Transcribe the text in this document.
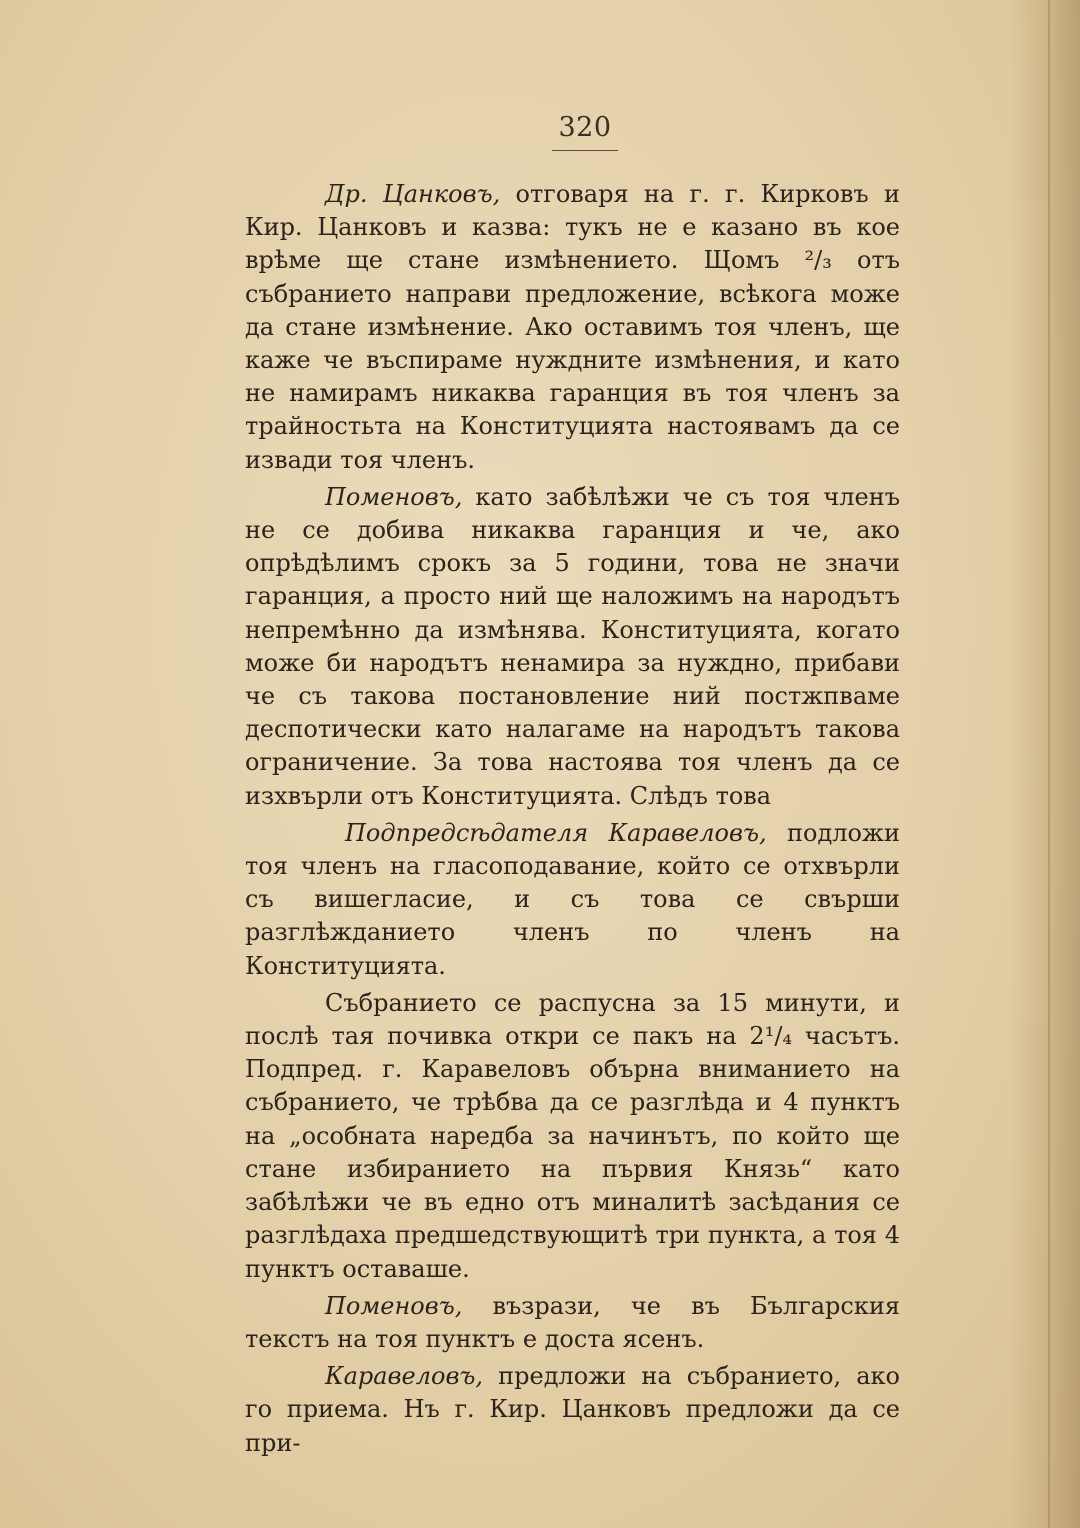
320

Др. Цанковъ, отговаря на г. г. Кирковъ и Кир. Цанковъ и казва: тукъ не е казано въ кое врѣме ще стане измѣнението. Щомъ ²/₃ отъ събранието направи предложение, всѣкога може да стане измѣнение. Ако оставимъ тоя членъ, ще каже че въспираме нуждните измѣнения, и като не намирамъ никаква гаранция въ тоя членъ за трайностьта на Конституцията настоявамъ да се извади тоя членъ.

Поменовъ, като забѣлѣжи че съ тоя членъ не се добива никаква гаранция и че, ако опрѣдѣлимъ срокъ за 5 години, това не значи гаранция, а просто ний ще наложимъ на народътъ непремѣнно да измѣнява. Конституцията, когато може би народътъ ненамира за нуждно, прибави че съ такова постановление ний постжпваме деспотически като налагаме на народътъ такова ограничение. За това настоява тоя членъ да се изхвърли отъ Конституцията. Слѣдъ това

Подпредсѣдателя Каравеловъ, подложи тоя членъ на гласоподавание, който се отхвърли съ вишегласие, и съ това се свърши разглѣжданието членъ по членъ на Конституцията.

Събранието се распусна за 15 минути, и послѣ тая почивка откри се пакъ на 2¹/₄ часътъ. Подпред. г. Каравеловъ обърна вниманието на събранието, че трѣбва да се разглѣда и 4 пунктъ на „особната наредба за начинътъ, по който ще стане избиранието на първия Князь“ като забѣлѣжи че въ едно отъ миналитѣ засѣдания се разглѣдаха предшедствующитѣ три пункта, а тоя 4 пунктъ оставаше.

Поменовъ, възрази, че въ Българския текстъ на тоя пунктъ е доста ясенъ.

Каравеловъ, предложи на събранието, ако го приема. Нъ г. Кир. Цанковъ предложи да се при-
